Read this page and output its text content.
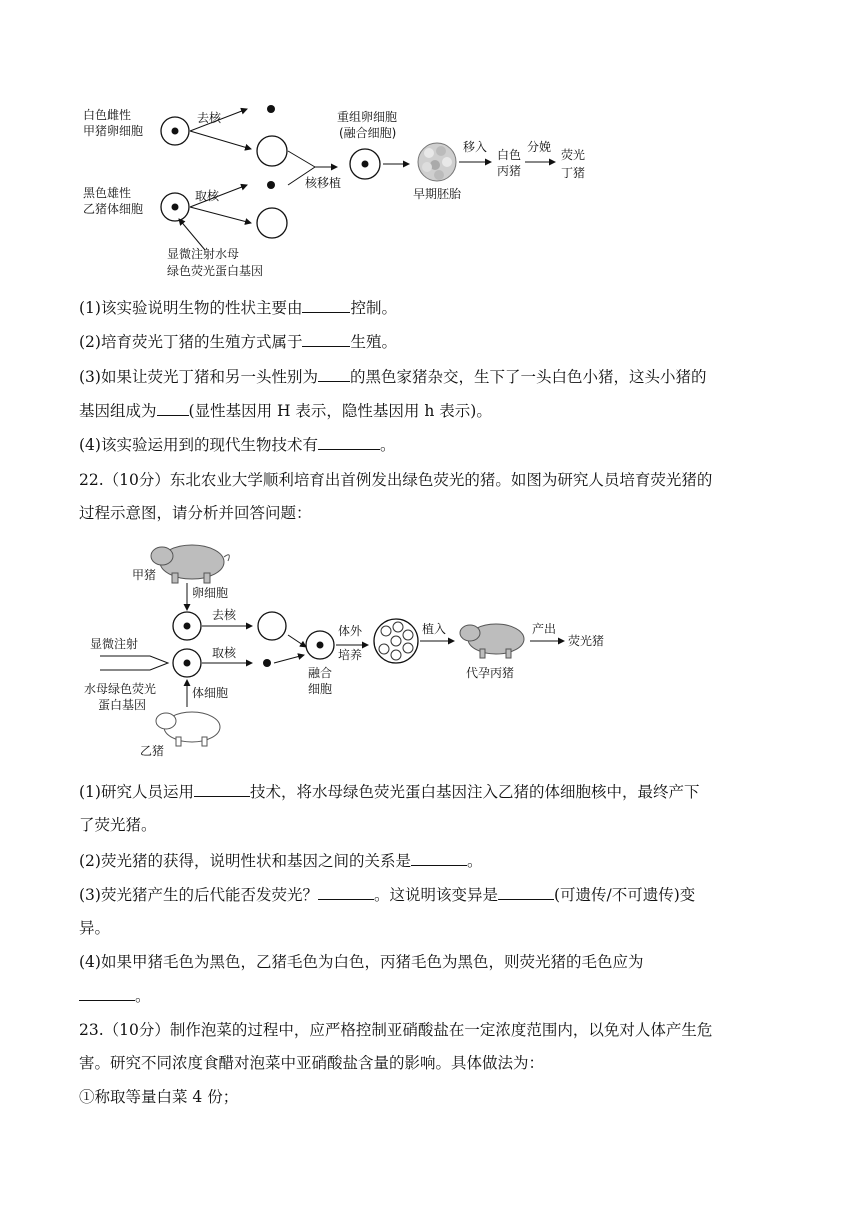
白色雌性
甲猪卵细胞
去核
黑色雄性
乙猪体细胞
取核
显微注射水母
绿色荧光蛋白基因
核移植
重组卵细胞
(融合细胞)
早期胚胎
移入
白色
丙猪
分娩
荧光
丁猪
(1)该实验说明生物的性状主要由	控制。
(2)培育荧光丁猪的生殖方式属于	生殖。
(3)如果让荧光丁猪和另一头性别为 的黑色家猪杂交，生下了一头白色小猪，这头小猪的
基因组成为 (显性基因用 H 表示，隐性基因用 h 表示)。
(4)该实验运用到的现代生物技术有	。
22.（10分）东北农业大学顺利培育出首例发出绿色荧光的猪。如图为研究人员培育荧光猪的
过程示意图，请分析并回答问题：
甲猪
卵细胞
去核
显微注射
水母绿色荧光
蛋白基因
取核
体细胞
乙猪
融合
细胞
体外
培养
植入
代孕丙猪
产出
荧光猪
(1)研究人员运用	技术，将水母绿色荧光蛋白基因注入乙猪的体细胞核中，最终产下
了荧光猪。
(2)荧光猪的获得，说明性状和基因之间的关系是	。
(3)荧光猪产生的后代能否发荧光？	。这说明该变异是	(可遗传/不可遗传)变
异。
(4)如果甲猪毛色为黑色，乙猪毛色为白色，丙猪毛色为黑色，则荧光猪的毛色应为
。
23.（10分）制作泡菜的过程中，应严格控制亚硝酸盐在一定浓度范围内，以免对人体产生危
害。研究不同浓度食醋对泡菜中亚硝酸盐含量的影响。具体做法为：
①称取等量白菜 4 份；
